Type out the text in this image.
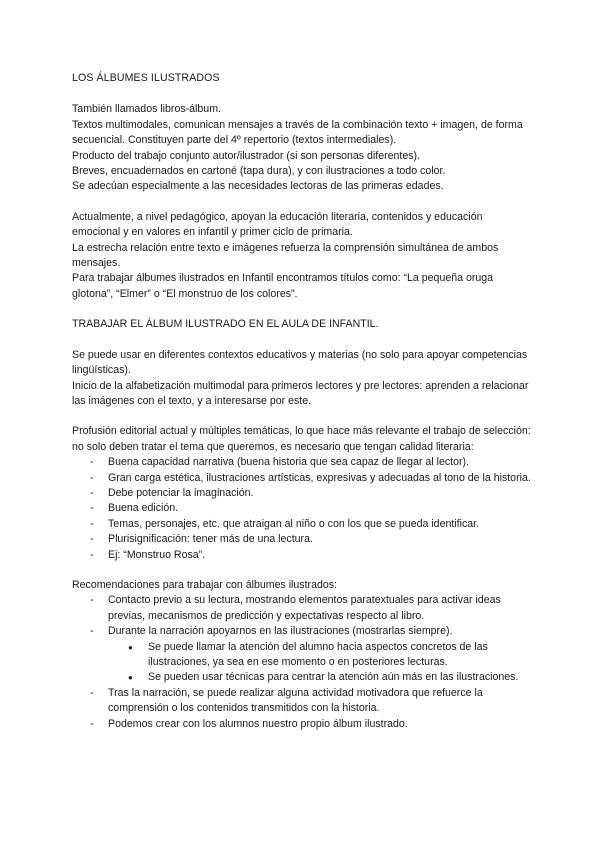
LOS ÁLBUMES ILUSTRADOS

También llamados libros-álbum.

Textos multimodales, comunican mensajes a través de la combinación texto + imagen, de forma secuencial. Constituyen parte del 4º repertorio (textos intermediales).

Producto del trabajo conjunto autor/ilustrador (si son personas diferentes).

Breves, encuadernados en cartoné (tapa dura), y con ilustraciones a todo color.

Se adecúan especialmente a las necesidades lectoras de las primeras edades.

Actualmente, a nivel pedagógico, apoyan la educación literaria, contenidos y educación emocional y en valores en infantil y primer ciclo de primaria.

La estrecha relación entre texto e imágenes refuerza la comprensión simultánea de ambos mensajes.

Para trabajar álbumes ilustrados en Infantil encontramos títulos como: “La pequeña oruga glotona”, “Elmer” o “El monstruo de los colores”.

TRABAJAR EL ÁLBUM ILUSTRADO EN EL AULA DE INFANTIL.

Se puede usar en diferentes contextos educativos y materias (no solo para apoyar competencias lingüísticas).

Inicio de la alfabetización multimodal para primeros lectores y pre lectores: aprenden a relacionar las imágenes con el texto, y a interesarse por este.

Profusión editorial actual y múltiples temáticas, lo que hace más relevante el trabajo de selección: no solo deben tratar el tema que queremos, es necesario que tengan calidad literaria:

- Buena capacidad narrativa (buena historia que sea capaz de llegar al lector).
- Gran carga estética, ilustraciones artísticas, expresivas y adecuadas al tono de la historia.
- Debe potenciar la imaginación.
- Buena edición.
- Temas, personajes, etc. que atraigan al niño o con los que se pueda identificar.
- Plurisignificación: tener más de una lectura.
- Ej: “Monstruo Rosa”.

Recomendaciones para trabajar con álbumes ilustrados:

- Contacto previo a su lectura, mostrando elementos paratextuales para activar ideas previas, mecanismos de predicción y expectativas respecto al libro.
- Durante la narración apoyarnos en las ilustraciones (mostrarlas siempre).
● Se puede llamar la atención del alumno hacia aspectos concretos de las ilustraciones, ya sea en ese momento o en posteriores lecturas.
● Se pueden usar técnicas para centrar la atención aún más en las ilustraciones.
- Tras la narración, se puede realizar alguna actividad motivadora que refuerce la comprensión o los contenidos transmitidos con la historia.
- Podemos crear con los alumnos nuestro propio álbum ilustrado.
